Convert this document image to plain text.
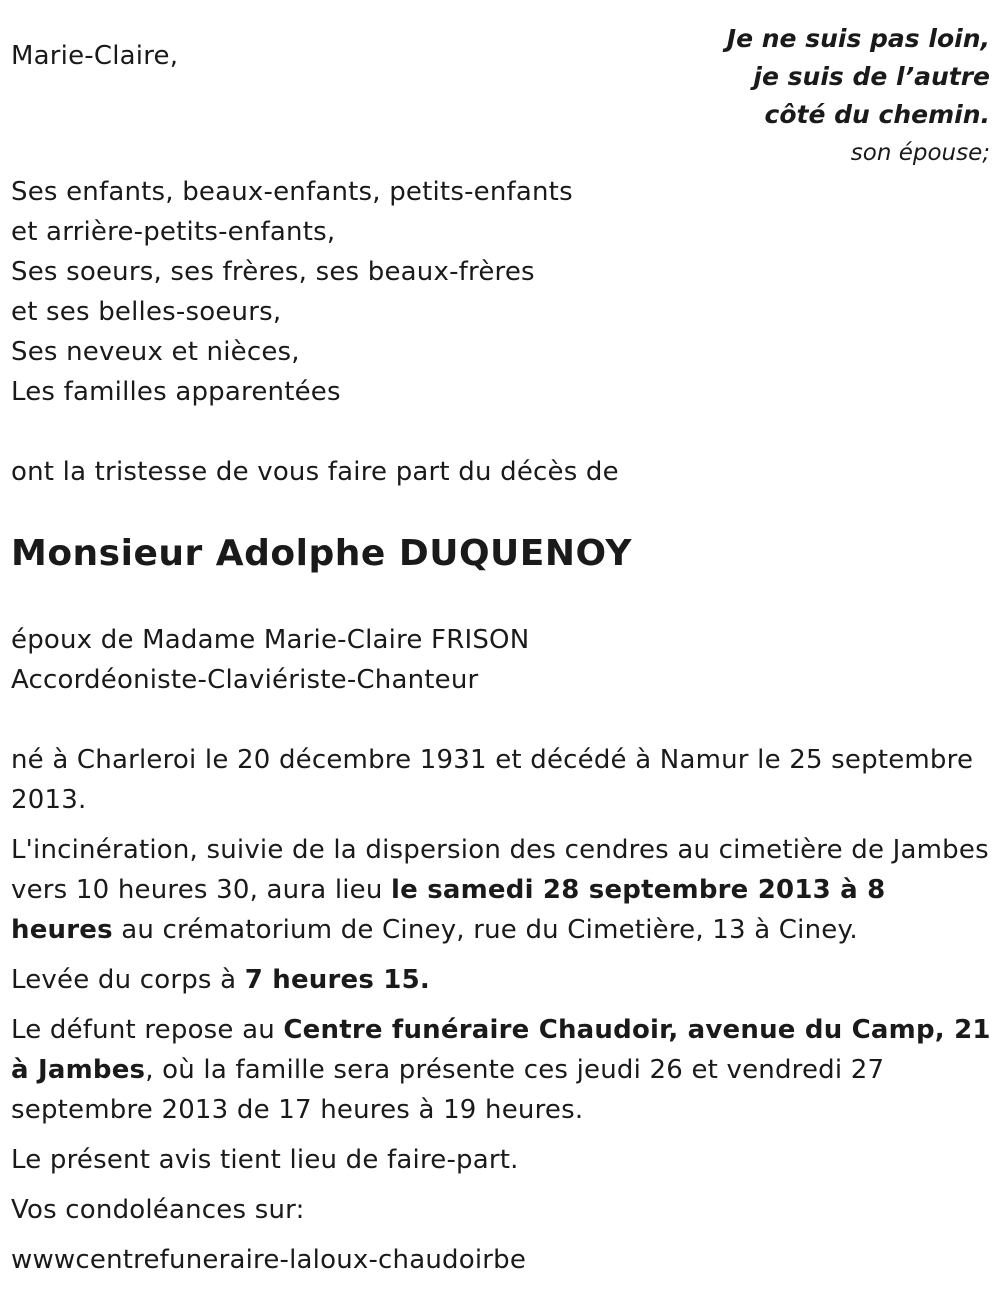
Marie-Claire,
Je ne suis pas loin,
je suis de l’autre
côté du chemin.
son épouse;
Ses enfants, beaux-enfants, petits-enfants
et arrière-petits-enfants,
Ses soeurs, ses frères, ses beaux-frères
et ses belles-soeurs,
Ses neveux et nièces,
Les familles apparentées
ont la tristesse de vous faire part du décès de
Monsieur Adolphe DUQUENOY
époux de Madame Marie-Claire FRISON
Accordéoniste-Claviériste-Chanteur

né à Charleroi le 20 décembre 1931 et décédé à Namur le 25 septembre 2013.

L'incinération, suivie de la dispersion des cendres au cimetière de Jambes vers 10 heures 30, aura lieu le samedi 28 septembre 2013 à 8 heures au crématorium de Ciney, rue du Cimetière, 13 à Ciney.

Levée du corps à 7 heures 15.

Le défunt repose au Centre funéraire Chaudoir, avenue du Camp, 21 à Jambes, où la famille sera présente ces jeudi 26 et vendredi 27 septembre 2013 de 17 heures à 19 heures.

Le présent avis tient lieu de faire-part.

Vos condoléances sur:

wwwcentrefuneraire-laloux-chaudoirbe
